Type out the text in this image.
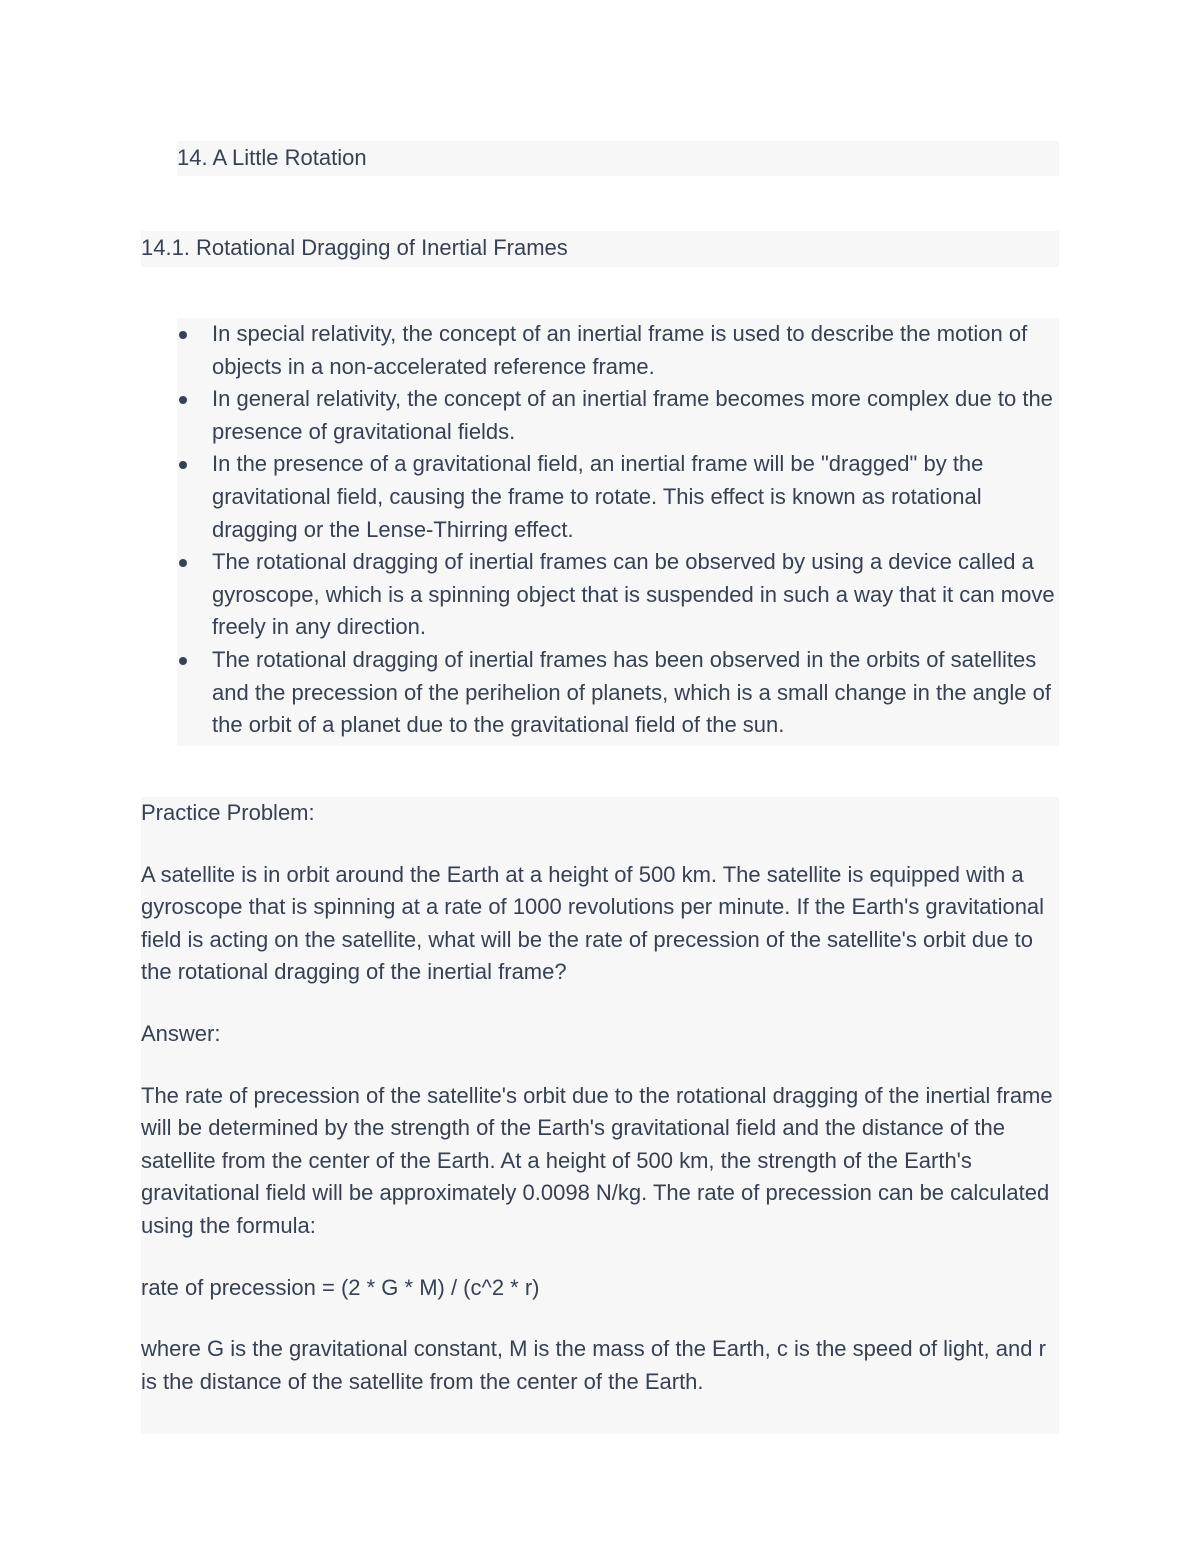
14. A Little Rotation
14.1. Rotational Dragging of Inertial Frames
In special relativity, the concept of an inertial frame is used to describe the motion of objects in a non-accelerated reference frame.
In general relativity, the concept of an inertial frame becomes more complex due to the presence of gravitational fields.
In the presence of a gravitational field, an inertial frame will be "dragged" by the gravitational field, causing the frame to rotate. This effect is known as rotational dragging or the Lense-Thirring effect.
The rotational dragging of inertial frames can be observed by using a device called a gyroscope, which is a spinning object that is suspended in such a way that it can move freely in any direction.
The rotational dragging of inertial frames has been observed in the orbits of satellites and the precession of the perihelion of planets, which is a small change in the angle of the orbit of a planet due to the gravitational field of the sun.

Practice Problem:

A satellite is in orbit around the Earth at a height of 500 km. The satellite is equipped with a gyroscope that is spinning at a rate of 1000 revolutions per minute. If the Earth's gravitational field is acting on the satellite, what will be the rate of precession of the satellite's orbit due to the rotational dragging of the inertial frame?

Answer:

The rate of precession of the satellite's orbit due to the rotational dragging of the inertial frame will be determined by the strength of the Earth's gravitational field and the distance of the satellite from the center of the Earth. At a height of 500 km, the strength of the Earth's gravitational field will be approximately 0.0098 N/kg. The rate of precession can be calculated using the formula:

rate of precession = (2 * G * M) / (c^2 * r)

where G is the gravitational constant, M is the mass of the Earth, c is the speed of light, and r is the distance of the satellite from the center of the Earth.
